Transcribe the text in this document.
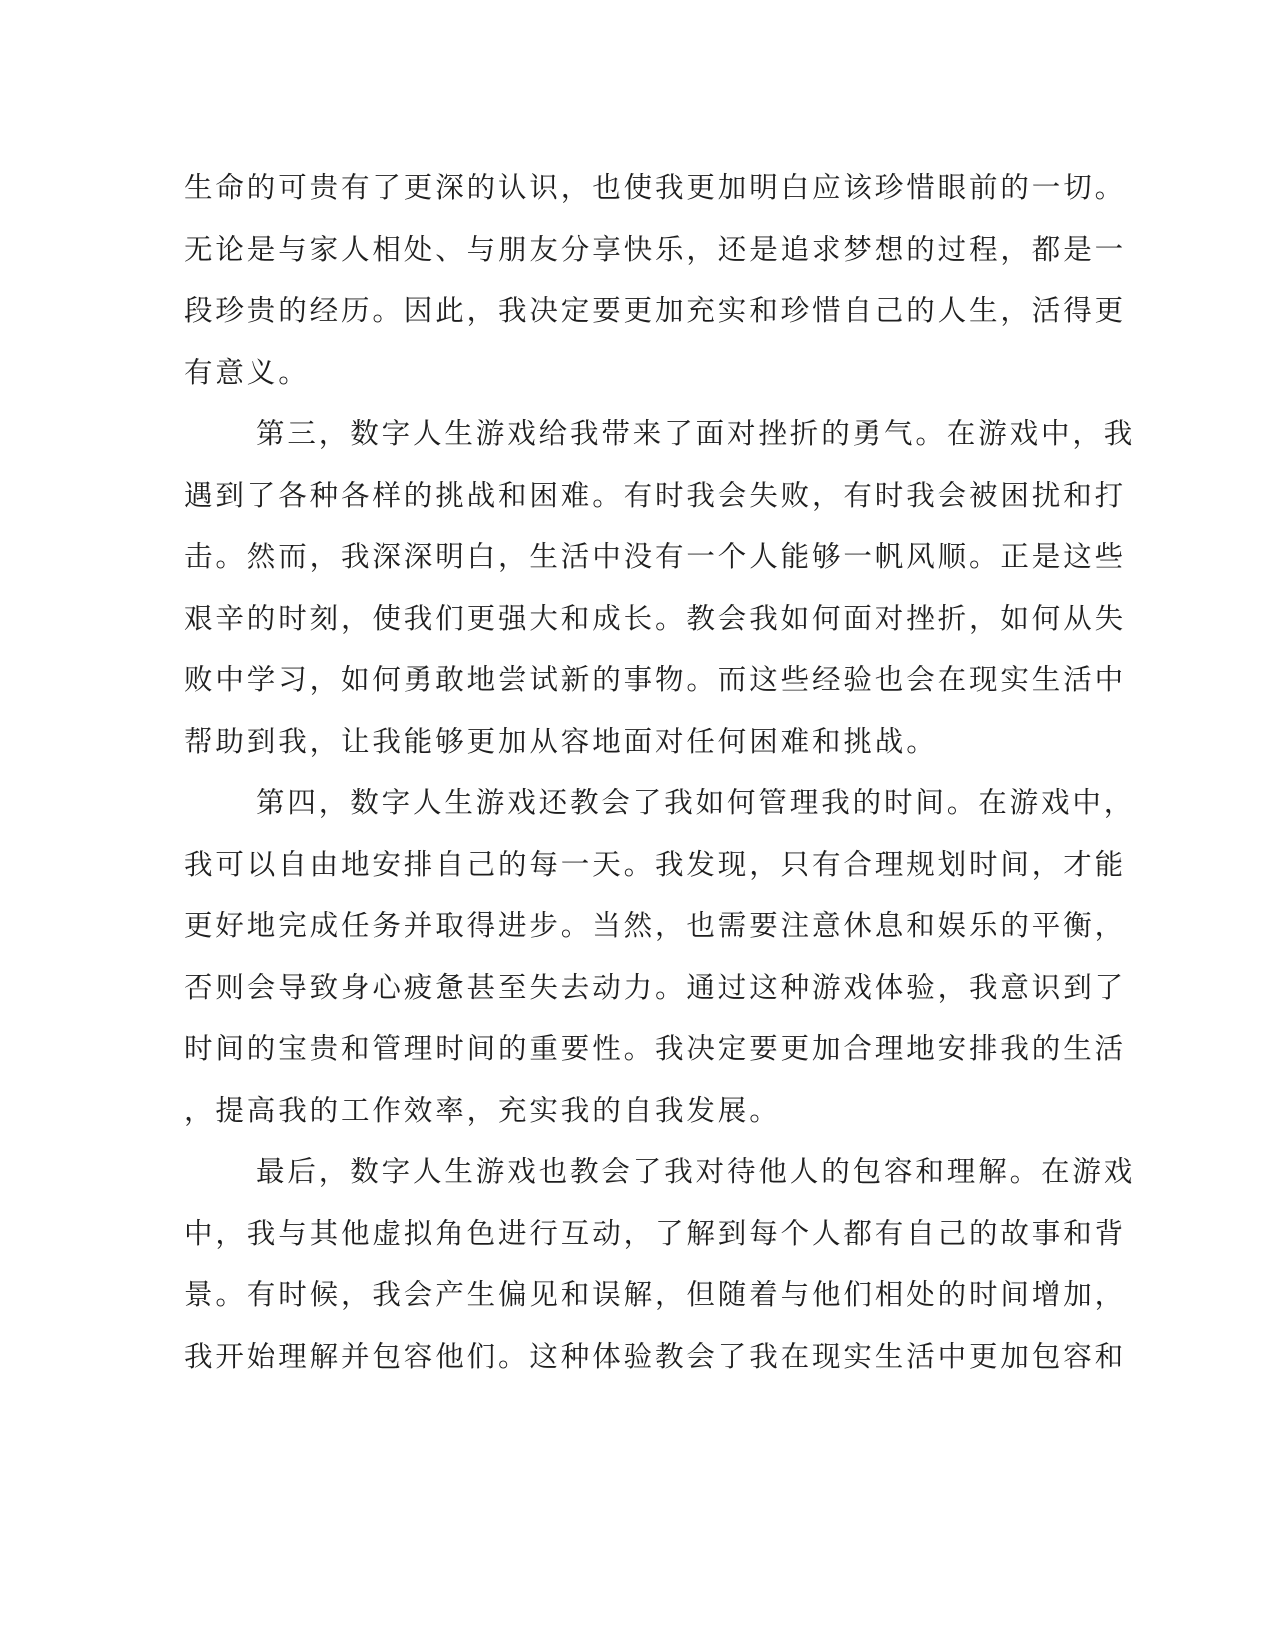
生命的可贵有了更深的认识，也使我更加明白应该珍惜眼前的一切。
无论是与家人相处、与朋友分享快乐，还是追求梦想的过程，都是一
段珍贵的经历。因此，我决定要更加充实和珍惜自己的人生，活得更
有意义。
第三，数字人生游戏给我带来了面对挫折的勇气。在游戏中，我
遇到了各种各样的挑战和困难。有时我会失败，有时我会被困扰和打
击。然而，我深深明白，生活中没有一个人能够一帆风顺。正是这些
艰辛的时刻，使我们更强大和成长。教会我如何面对挫折，如何从失
败中学习，如何勇敢地尝试新的事物。而这些经验也会在现实生活中
帮助到我，让我能够更加从容地面对任何困难和挑战。
第四，数字人生游戏还教会了我如何管理我的时间。在游戏中，
我可以自由地安排自己的每一天。我发现，只有合理规划时间，才能
更好地完成任务并取得进步。当然，也需要注意休息和娱乐的平衡，
否则会导致身心疲惫甚至失去动力。通过这种游戏体验，我意识到了
时间的宝贵和管理时间的重要性。我决定要更加合理地安排我的生活
，提高我的工作效率，充实我的自我发展。
最后，数字人生游戏也教会了我对待他人的包容和理解。在游戏
中，我与其他虚拟角色进行互动，了解到每个人都有自己的故事和背
景。有时候，我会产生偏见和误解，但随着与他们相处的时间增加，
我开始理解并包容他们。这种体验教会了我在现实生活中更加包容和
